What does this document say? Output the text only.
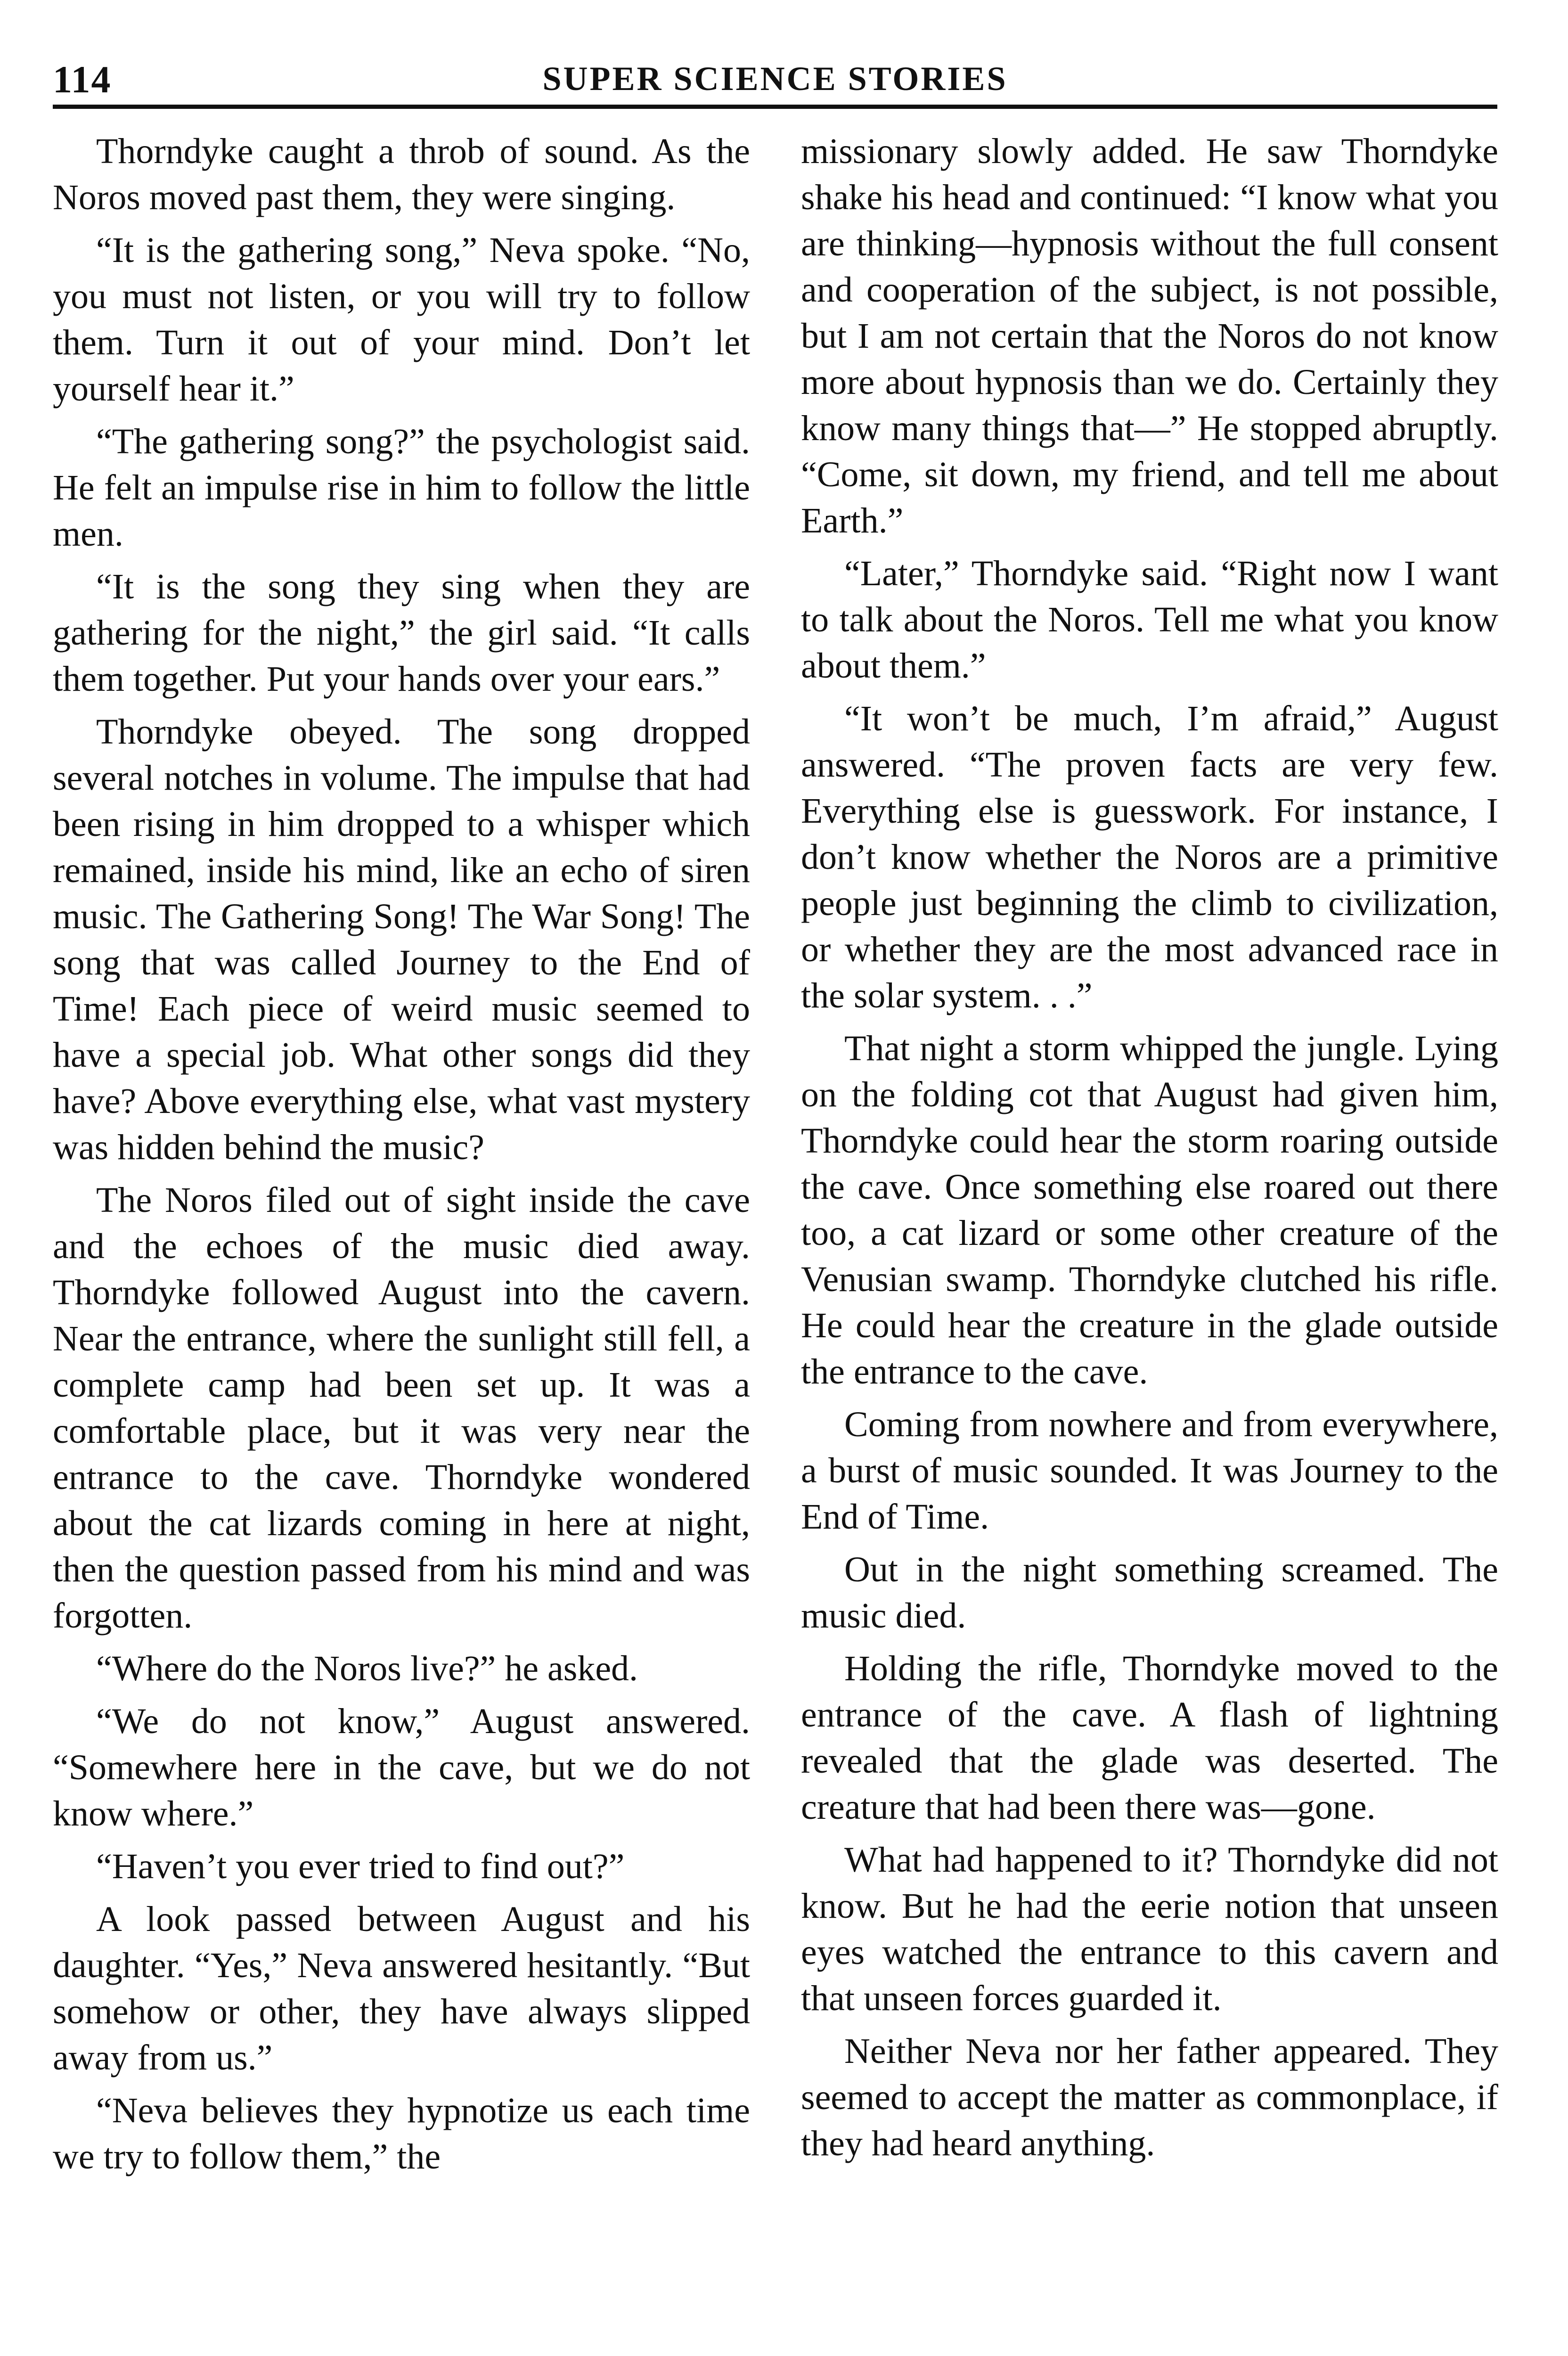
114	SUPER SCIENCE STORIES

Thorndyke caught a throb of sound. As the Noros moved past them, they were singing.

“It is the gathering song,” Neva spoke. “No, you must not listen, or you will try to follow them. Turn it out of your mind. Don’t let yourself hear it.”

“The gathering song?” the psychologist said. He felt an impulse rise in him to follow the little men.

“It is the song they sing when they are gathering for the night,” the girl said. “It calls them together. Put your hands over your ears.”

Thorndyke obeyed. The song dropped several notches in volume. The impulse that had been rising in him dropped to a whisper which remained, inside his mind, like an echo of siren music. The Gathering Song! The War Song! The song that was called Journey to the End of Time! Each piece of weird music seemed to have a special job. What other songs did they have? Above everything else, what vast mystery was hidden behind the music?

The Noros filed out of sight inside the cave and the echoes of the music died away. Thorndyke followed August into the cavern. Near the entrance, where the sunlight still fell, a complete camp had been set up. It was a comfortable place, but it was very near the entrance to the cave. Thorndyke wondered about the cat lizards coming in here at night, then the question passed from his mind and was forgotten.

“Where do the Noros live?” he asked.

“We do not know,” August answered. “Somewhere here in the cave, but we do not know where.”

“Haven’t you ever tried to find out?”

A look passed between August and his daughter. “Yes,” Neva answered hesitantly. “But somehow or other, they have always slipped away from us.”

“Neva believes they hypnotize us each time we try to follow them,” the

missionary slowly added. He saw Thorndyke shake his head and continued: “I know what you are thinking—hypnosis without the full consent and cooperation of the subject, is not possible, but I am not certain that the Noros do not know more about hypnosis than we do. Certainly they know many things that—” He stopped abruptly. “Come, sit down, my friend, and tell me about Earth.”

“Later,” Thorndyke said. “Right now I want to talk about the Noros. Tell me what you know about them.”

“It won’t be much, I’m afraid,” August answered. “The proven facts are very few. Everything else is guesswork. For instance, I don’t know whether the Noros are a primitive people just beginning the climb to civilization, or whether they are the most advanced race in the solar system. . .”

That night a storm whipped the jungle. Lying on the folding cot that August had given him, Thorndyke could hear the storm roaring outside the cave. Once something else roared out there too, a cat lizard or some other creature of the Venusian swamp. Thorndyke clutched his rifle. He could hear the creature in the glade outside the entrance to the cave.

Coming from nowhere and from everywhere, a burst of music sounded. It was Journey to the End of Time.

Out in the night something screamed. The music died.

Holding the rifle, Thorndyke moved to the entrance of the cave. A flash of lightning revealed that the glade was deserted. The creature that had been there was—gone.

What had happened to it? Thorndyke did not know. But he had the eerie notion that unseen eyes watched the entrance to this cavern and that unseen forces guarded it.

Neither Neva nor her father appeared. They seemed to accept the matter as commonplace, if they had heard anything.
